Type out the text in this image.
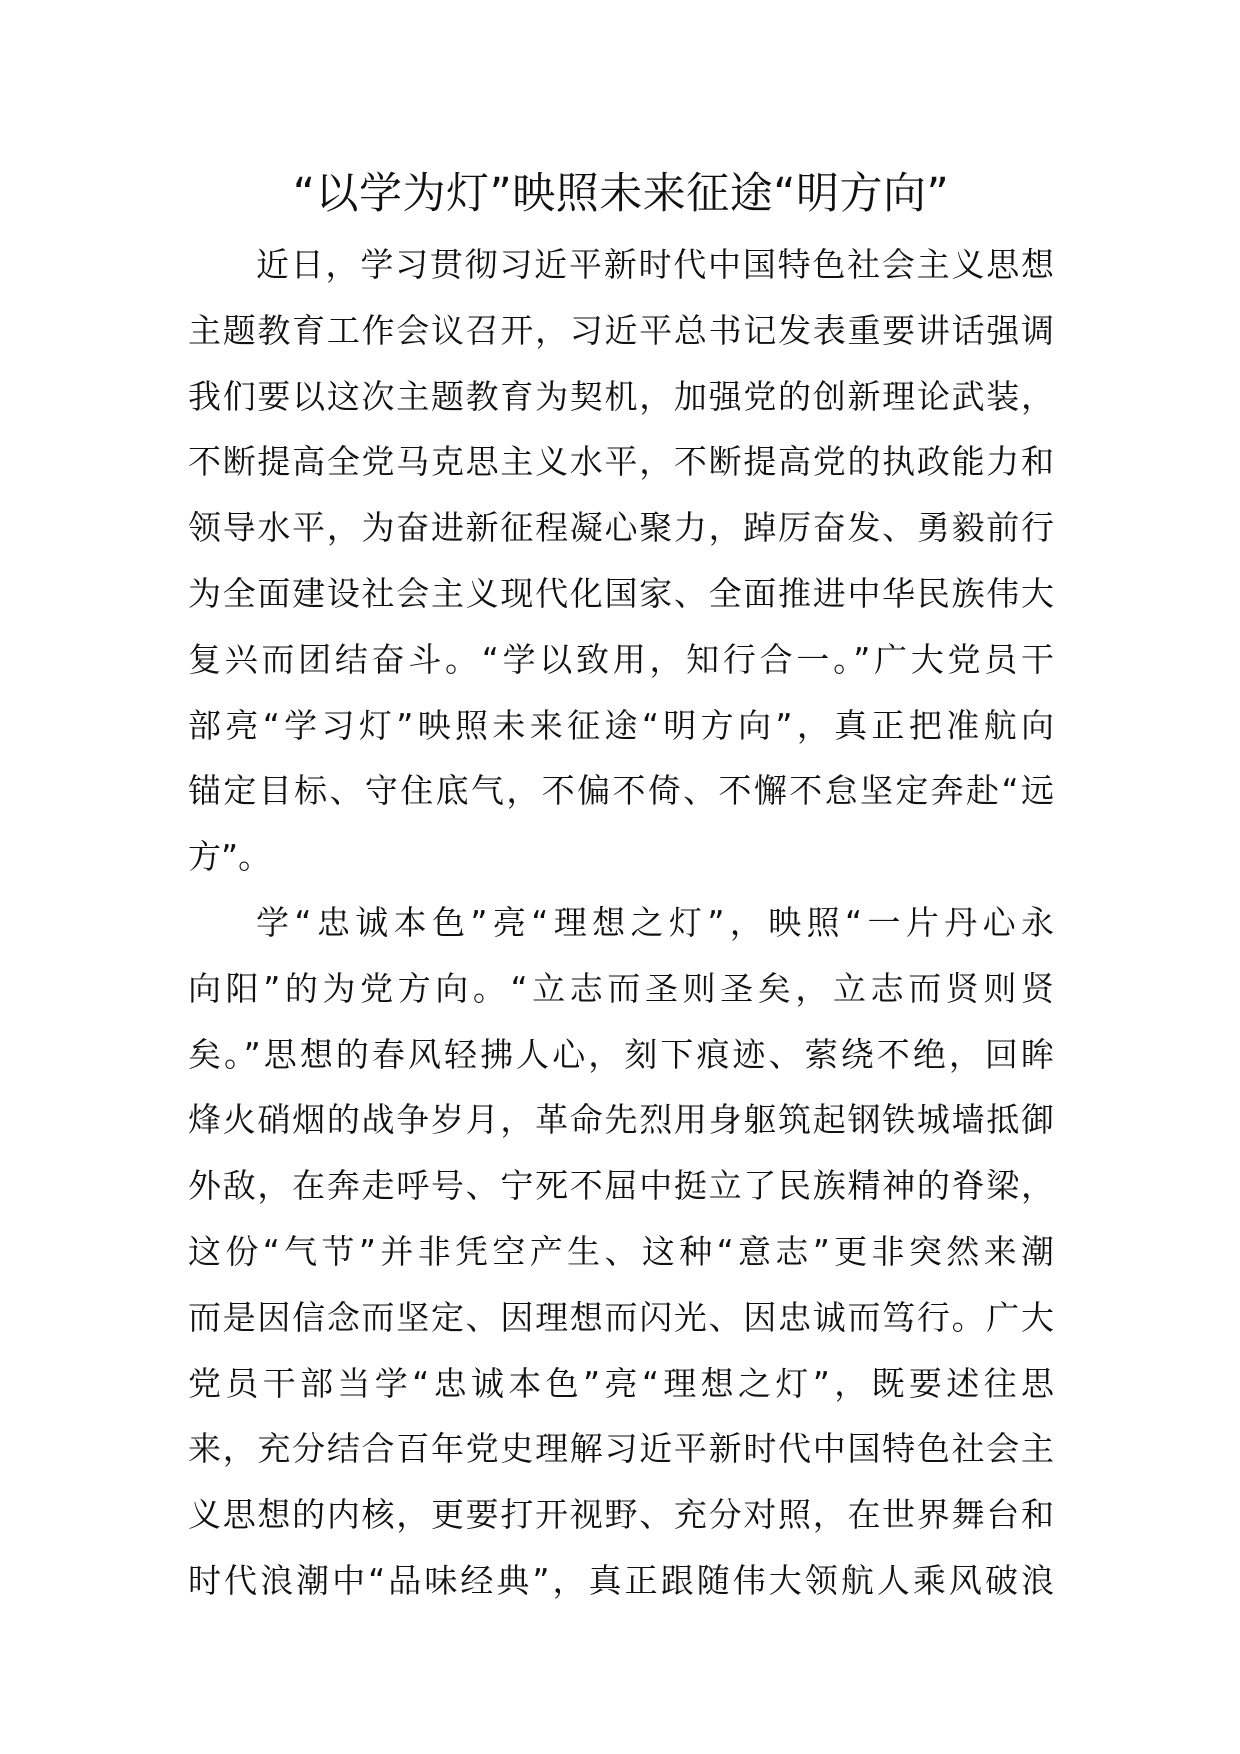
“以学为灯”映照未来征途“明方向”
近日，学习贯彻习近平新时代中国特色社会主义思想
主题教育工作会议召开，习近平总书记发表重要讲话强调
我们要以这次主题教育为契机，加强党的创新理论武装，
不断提高全党马克思主义水平，不断提高党的执政能力和
领导水平，为奋进新征程凝心聚力，踔厉奋发、勇毅前行
为全面建设社会主义现代化国家、全面推进中华民族伟大
复兴而团结奋斗。“学以致用，知行合一。”广大党员干
部亮“学习灯”映照未来征途“明方向”，真正把准航向
锚定目标、守住底气，不偏不倚、不懈不怠坚定奔赴“远
方”。
学“忠诚本色”亮“理想之灯”，映照“一片丹心永
向阳”的为党方向。“立志而圣则圣矣，立志而贤则贤
矣。”思想的春风轻拂人心，刻下痕迹、萦绕不绝，回眸
烽火硝烟的战争岁月，革命先烈用身躯筑起钢铁城墙抵御
外敌，在奔走呼号、宁死不屈中挺立了民族精神的脊梁，
这份“气节”并非凭空产生、这种“意志”更非突然来潮
而是因信念而坚定、因理想而闪光、因忠诚而笃行。广大
党员干部当学“忠诚本色”亮“理想之灯”，既要述往思
来，充分结合百年党史理解习近平新时代中国特色社会主
义思想的内核，更要打开视野、充分对照，在世界舞台和
时代浪潮中“品味经典”，真正跟随伟大领航人乘风破浪
